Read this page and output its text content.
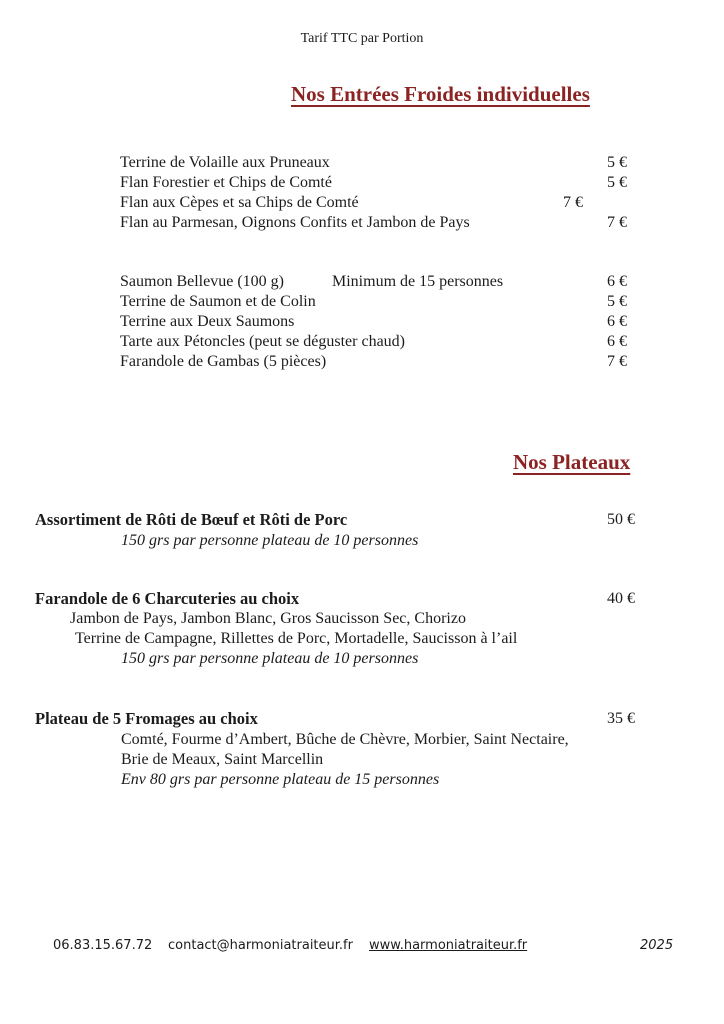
Tarif TTC par Portion
Nos Entrées Froides individuelles
Terrine de Volaille aux Pruneaux	5 €
Flan Forestier et Chips de Comté	5 €
Flan aux Cèpes et sa Chips de Comté	7 €
Flan au Parmesan, Oignons Confits et Jambon de Pays	7 €
Saumon Bellevue (100 g)	Minimum de 15 personnes	6 €
Terrine de Saumon et de Colin	5 €
Terrine aux Deux Saumons	6 €
Tarte aux Pétoncles (peut se déguster chaud)	6 €
Farandole de Gambas (5 pièces)	7 €
Nos Plateaux
Assortiment de Rôti de Bœuf et Rôti de Porc	50 €
150 grs par personne plateau de 10 personnes
Farandole de 6 Charcuteries au choix	40 €
Jambon de Pays, Jambon Blanc, Gros Saucisson Sec, Chorizo
Terrine de Campagne, Rillettes de Porc, Mortadelle, Saucisson à l’ail
150 grs par personne plateau de 10 personnes
Plateau de 5 Fromages au choix	35 €
Comté, Fourme d’Ambert, Bûche de Chèvre, Morbier, Saint Nectaire,
Brie de Meaux, Saint Marcellin
Env 80 grs par personne plateau de 15 personnes
06.83.15.67.72 contact@harmoniatraiteur.fr www.harmoniatraiteur.fr	2025
